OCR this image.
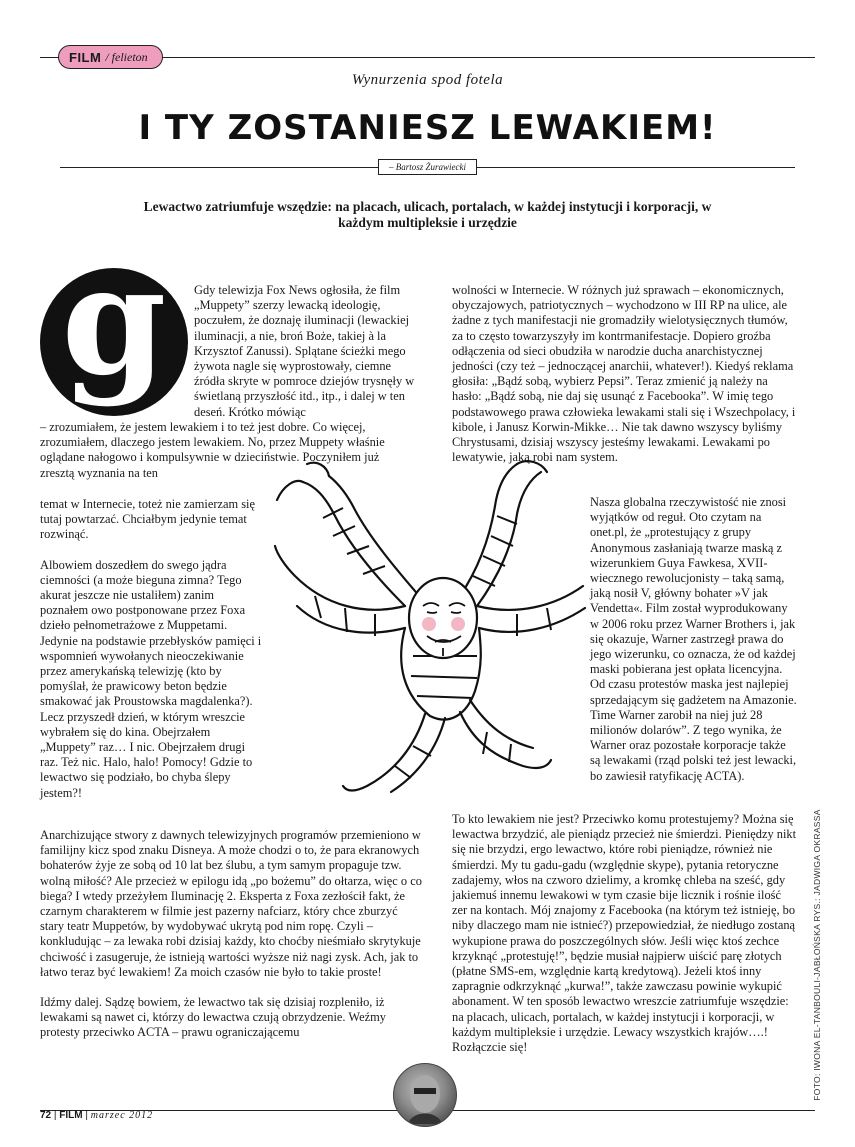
FILM / felieton
Wynurzenia spod fotela
I TY ZOSTANIESZ LEWAKIEM!
– Bartosz Żurawiecki
Lewactwo zatriumfuje wszędzie: na placach, ulicach, portalach, w każdej instytucji i korporacji, w każdym multipleksie i urzędzie
g	Gdy telewizja Fox News ogłosiła, że film „Muppety” szerzy lewacką ideologię, poczułem, że doznaję iluminacji (lewackiej iluminacji, a nie, broń Boże, takiej à la Krzysztof Zanussi). Splątane ścieżki mego żywota nagle się wyprostowały, ciemne źródła skryte w pomroce dziejów trysnęły w świetlaną przyszłość itd., itp., i dalej w ten deseń. Krótko mówiąc

– zrozumiałem, że jestem lewakiem i to też jest dobre. Co więcej, zrozumiałem, dlaczego jestem lewakiem. No, przez Muppety właśnie oglądane nałogowo i kompulsywnie w dzieciństwie. Poczyniłem już zresztą wyznania na ten

temat w Internecie, toteż nie zamierzam się tutaj powtarzać. Chciałbym jedynie temat rozwinąć.

Albowiem doszedłem do swego jądra ciemności (a może bieguna zimna? Tego akurat jeszcze nie ustaliłem) zanim poznałem owo postponowane przez Foxa dzieło pełnometrażowe z Muppetami. Jedynie na podstawie przebłysków pamięci i wspomnień wywołanych nieoczekiwanie przez amerykańską telewizję (kto by pomyślał, że prawicowy beton będzie smakować jak Proustowska magdalenka?). Lecz przyszedł dzień, w którym wreszcie wybrałem się do kina. Obejrzałem „Muppety” raz… I nic. Obejrzałem drugi raz. Też nic. Halo, halo! Pomocy! Gdzie to lewactwo się podziało, bo chyba ślepy jestem?!

Anarchizujące stwory z dawnych telewizyjnych programów przemieniono w familijny kicz spod znaku Disneya. A może chodzi o to, że para ekranowych bohaterów żyje ze sobą od 10 lat bez ślubu, a tym samym propaguje tzw. wolną miłość? Ale przecież w epilogu idą „po bożemu” do ołtarza, więc o co biega? I wtedy przeżyłem Iluminację 2. Eksperta z Foxa zezłościł fakt, że czarnym charakterem w filmie jest pazerny nafciarz, który chce zburzyć stary teatr Muppetów, by wydobywać ukrytą pod nim ropę. Czyli – konkludując – za lewaka robi dzisiaj każdy, kto choćby nieśmiało skrytykuje chciwość i zasugeruje, że istnieją wartości wyższe niż nagi zysk. Ach, jak to łatwo teraz być lewakiem! Za moich czasów nie było to takie proste!

Idźmy dalej. Sądzę bowiem, że lewactwo tak się dzisiaj rozpleniło, iż lewakami są nawet ci, którzy do lewactwa czują obrzydzenie. Weźmy protesty przeciwko ACTA – prawu ograniczającemu

wolności w Internecie. W różnych już sprawach – ekonomicznych, obyczajowych, patriotycznych – wychodzono w III RP na ulice, ale żadne z tych manifestacji nie gromadziły wielotysięcznych tłumów, za to często towarzyszyły im kontrmanifestacje. Dopiero groźba odłączenia od sieci obudziła w narodzie ducha anarchistycznej jedności (czy też – jednoczącej anarchii, whatever!). Kiedyś reklama głosiła: „Bądź sobą, wybierz Pepsi”. Teraz zmienić ją należy na hasło: „Bądź sobą, nie daj się usunąć z Facebooka”. W imię tego podstawowego prawa człowieka lewakami stali się i Wszechpolacy, i kibole, i Janusz Korwin-Mikke… Nie tak dawno wszyscy byliśmy Chrystusami, dzisiaj wszyscy jesteśmy lewakami. Lewakami po lewatywie, jaką robi nam system.

Nasza globalna rzeczywistość nie znosi wyjątków od reguł. Oto czytam na onet.pl, że „protestujący z grupy Anonymous zasłaniają twarze maską z wizerunkiem Guya Fawkesa, XVII-wiecznego rewolucjonisty – taką samą, jaką nosił V, główny bohater »V jak Vendetta«. Film został wyprodukowany w 2006 roku przez Warner Brothers i, jak się okazuje, Warner zastrzegł prawa do jego wizerunku, co oznacza, że od każdej maski pobierana jest opłata licencyjna. Od czasu protestów maska jest najlepiej sprzedającym się gadżetem na Amazonie. Time Warner zarobił na niej już 28 milionów dolarów”. Z tego wynika, że Warner oraz pozostałe korporacje także są lewakami (rząd polski też jest lewacki, bo zawiesił ratyfikację ACTA).

To kto lewakiem nie jest? Przeciwko komu protestujemy? Można się lewactwa brzydzić, ale pieniądz przecież nie śmierdzi. Pieniędzy nikt się nie brzydzi, ergo lewactwo, które robi pieniądze, również nie śmierdzi. My tu gadu-gadu (względnie skype), pytania retoryczne zadajemy, włos na czworo dzielimy, a kromkę chleba na sześć, gdy jakiemuś innemu lewakowi w tym czasie bije licznik i rośnie ilość zer na kontach. Mój znajomy z Facebooka (na którym też istnieję, bo niby dlaczego mam nie istnieć?) przepowiedział, że niedługo zostaną wykupione prawa do poszczególnych słów. Jeśli więc ktoś zechce krzyknąć „protestuję!”, będzie musiał najpierw uiścić parę złotych (płatne SMS-em, względnie kartą kredytową). Jeżeli ktoś inny zapragnie odkrzyknąć „kurwa!”, także zawczasu powinie wykupić abonament. W ten sposób lewactwo wreszcie zatriumfuje wszędzie: na placach, ulicach, portalach, w każdej instytucji i korporacji, w każdym multipleksie i urzędzie. Lewacy wszystkich krajów….! Rozłączcie się!

72 | FILM | marzec 2012
FOTO: IWONA EL-TANBOULI-JABŁOŃSKA RYS.: JADWIGA OKRASSA
